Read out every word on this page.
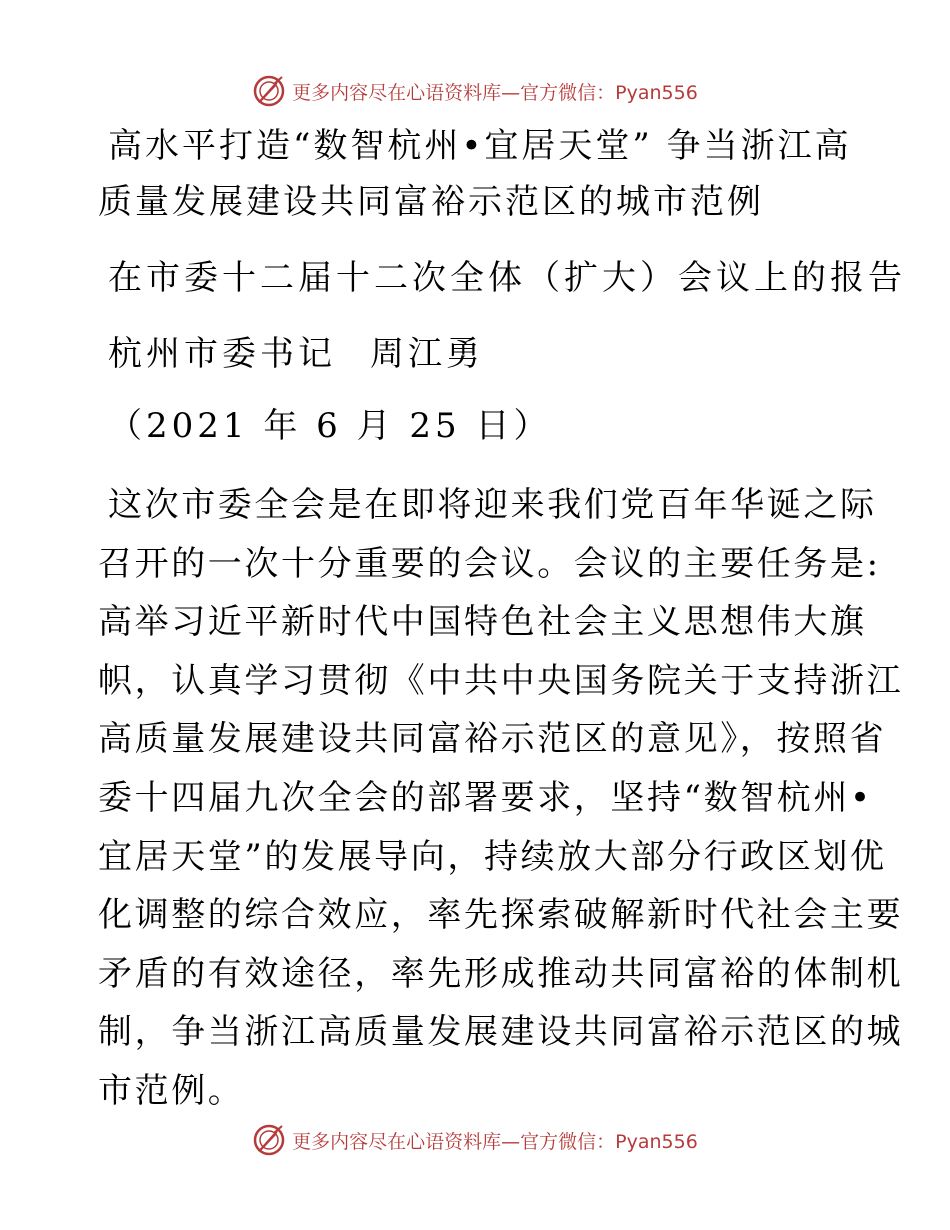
更多内容尽在心语资料库—官方微信：Pyan556
高水平打造“数智杭州•宜居天堂” 争当浙江高
质量发展建设共同富裕示范区的城市范例
在市委十二届十二次全体（扩大）会议上的报告
杭州市委书记 周江勇
（2021 年 6 月 25 日）
这次市委全会是在即将迎来我们党百年华诞之际
召开的一次十分重要的会议。会议的主要任务是:
高举习近平新时代中国特色社会主义思想伟大旗
帜，认真学习贯彻《中共中央国务院关于支持浙江
高质量发展建设共同富裕示范区的意见》，按照省
委十四届九次全会的部署要求，坚持“数智杭州•
宜居天堂”的发展导向，持续放大部分行政区划优
化调整的综合效应，率先探索破解新时代社会主要
矛盾的有效途径，率先形成推动共同富裕的体制机
制，争当浙江高质量发展建设共同富裕示范区的城
市范例。
更多内容尽在心语资料库—官方微信：Pyan556
